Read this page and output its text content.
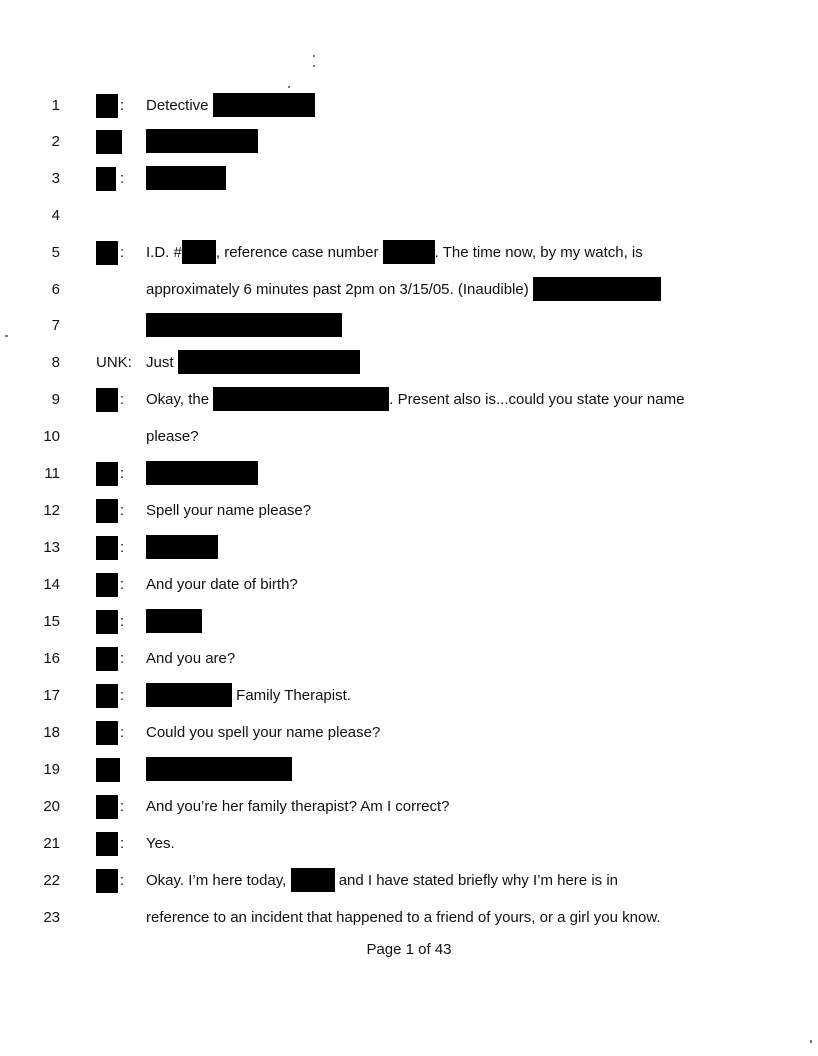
1	: Detective
2
3	:
4
5	: I.D. # , reference case number	. The time now, by my watch, is
6	approximately 6 minutes past 2pm on 3/15/05. (Inaudible)
7
8 UNK: Just
9	: Okay, the	. Present also is...could you state your name
10	please?
11	:
12	: Spell your name please?
13	:
14	: And your date of birth?
15	:
16	: And you are?
17	:	Family Therapist.
18	: Could you spell your name please?
19
20	: And you’re her family therapist? Am I correct?
21	: Yes.
22	: Okay. I’m here today,	and I have stated briefly why I’m here is in
23	reference to an incident that happened to a friend of yours, or a girl you know.
Page 1 of 43
